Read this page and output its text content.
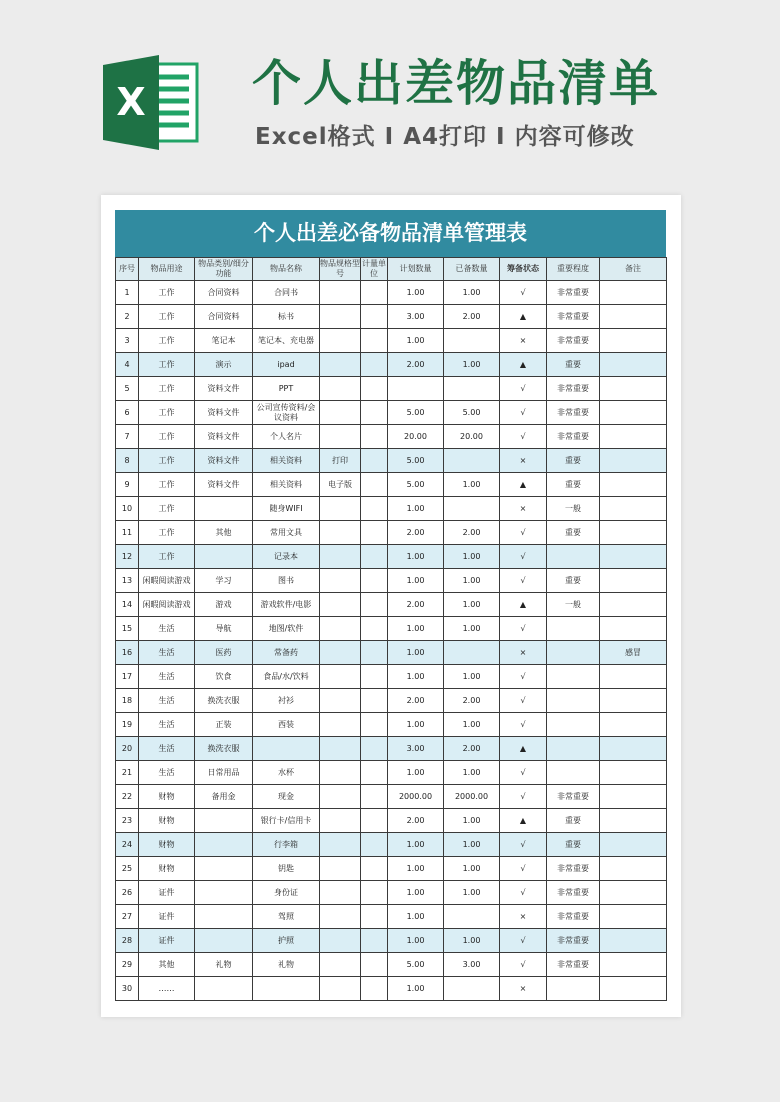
X 个人出差物品清单
Excel格式 I A4打印 I 内容可修改
个人出差必备物品清单管理表
序号	物品用途	物品类别/细分功能	物品名称	物品规格型号	计量单位	计划数量	已备数量	筹备状态	重要程度	备注
1	工作	合同资料	合同书			1.00	1.00	√	非常重要	
2	工作	合同资料	标书			3.00	2.00	▲	非常重要	
3	工作	笔记本	笔记本、充电器			1.00		×	非常重要	
4	工作	演示	ipad			2.00	1.00	▲	重要	
5	工作	资料文件	PPT					√	非常重要	
6	工作	资料文件	公司宣传资料/会议资料			5.00	5.00	√	非常重要	
7	工作	资料文件	个人名片			20.00	20.00	√	非常重要	
8	工作	资料文件	相关资料	打印		5.00		×	重要	
9	工作	资料文件	相关资料	电子版		5.00	1.00	▲	重要	
10	工作		随身WIFI			1.00		×	一般	
11	工作	其他	常用文具			2.00	2.00	√	重要	
12	工作		记录本			1.00	1.00	√		
13	闲暇阅读游戏	学习	图书			1.00	1.00	√	重要	
14	闲暇阅读游戏	游戏	游戏软件/电影			2.00	1.00	▲	一般	
15	生活	导航	地图/软件			1.00	1.00	√		
16	生活	医药	常备药			1.00		×		感冒
17	生活	饮食	食品/水/饮料			1.00	1.00	√		
18	生活	换洗衣服	衬衫			2.00	2.00	√		
19	生活	正装	西装			1.00	1.00	√		
20	生活	换洗衣服				3.00	2.00	▲		
21	生活	日常用品	水杯			1.00	1.00	√		
22	财物	备用金	现金			2000.00	2000.00	√	非常重要	
23	财物		银行卡/信用卡			2.00	1.00	▲	重要	
24	财物		行李箱			1.00	1.00	√	重要	
25	财物		钥匙			1.00	1.00	√	非常重要	
26	证件		身份证			1.00	1.00	√	非常重要	
27	证件		驾照			1.00		×	非常重要	
28	证件		护照			1.00	1.00	√	非常重要	
29	其他	礼物	礼物			5.00	3.00	√	非常重要	
30	……					1.00		×		
